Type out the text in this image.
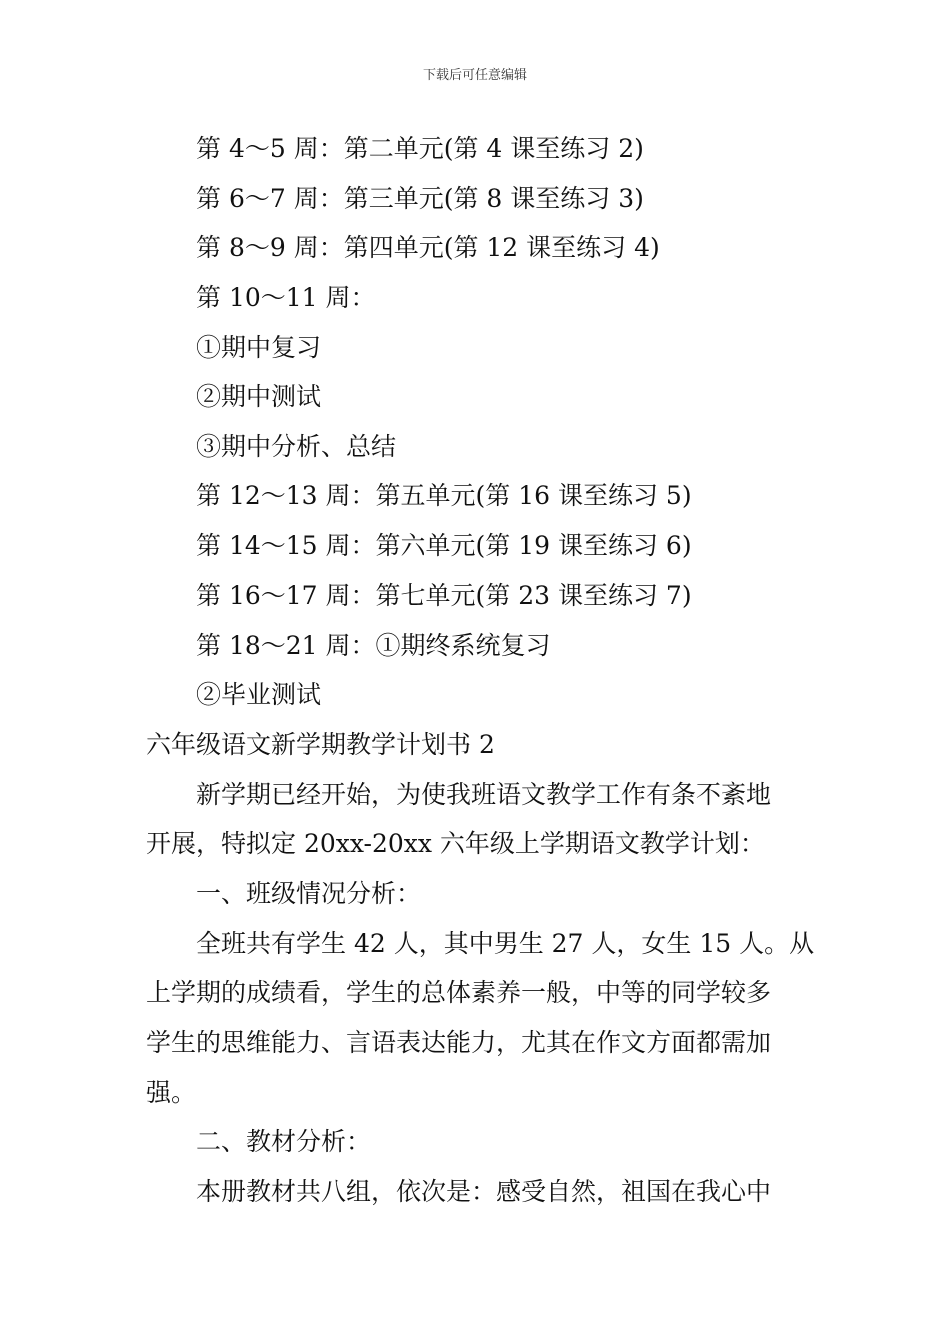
下载后可任意编辑
第 4～5 周：第二单元(第 4 课至练习 2)
第 6～7 周：第三单元(第 8 课至练习 3)
第 8～9 周：第四单元(第 12 课至练习 4)
第 10～11 周：
①期中复习
②期中测试
③期中分析、总结
第 12～13 周：第五单元(第 16 课至练习 5)
第 14～15 周：第六单元(第 19 课至练习 6)
第 16～17 周：第七单元(第 23 课至练习 7)
第 18～21 周：①期终系统复习
②毕业测试
六年级语文新学期教学计划书 2
新学期已经开始，为使我班语文教学工作有条不紊地
开展，特拟定 20xx-20xx 六年级上学期语文教学计划：
一、班级情况分析：
全班共有学生 42 人，其中男生 27 人，女生 15 人。从
上学期的成绩看，学生的总体素养一般，中等的同学较多
学生的思维能力、言语表达能力，尤其在作文方面都需加
强。
二、教材分析：
本册教材共八组，依次是：感受自然，祖国在我心中
